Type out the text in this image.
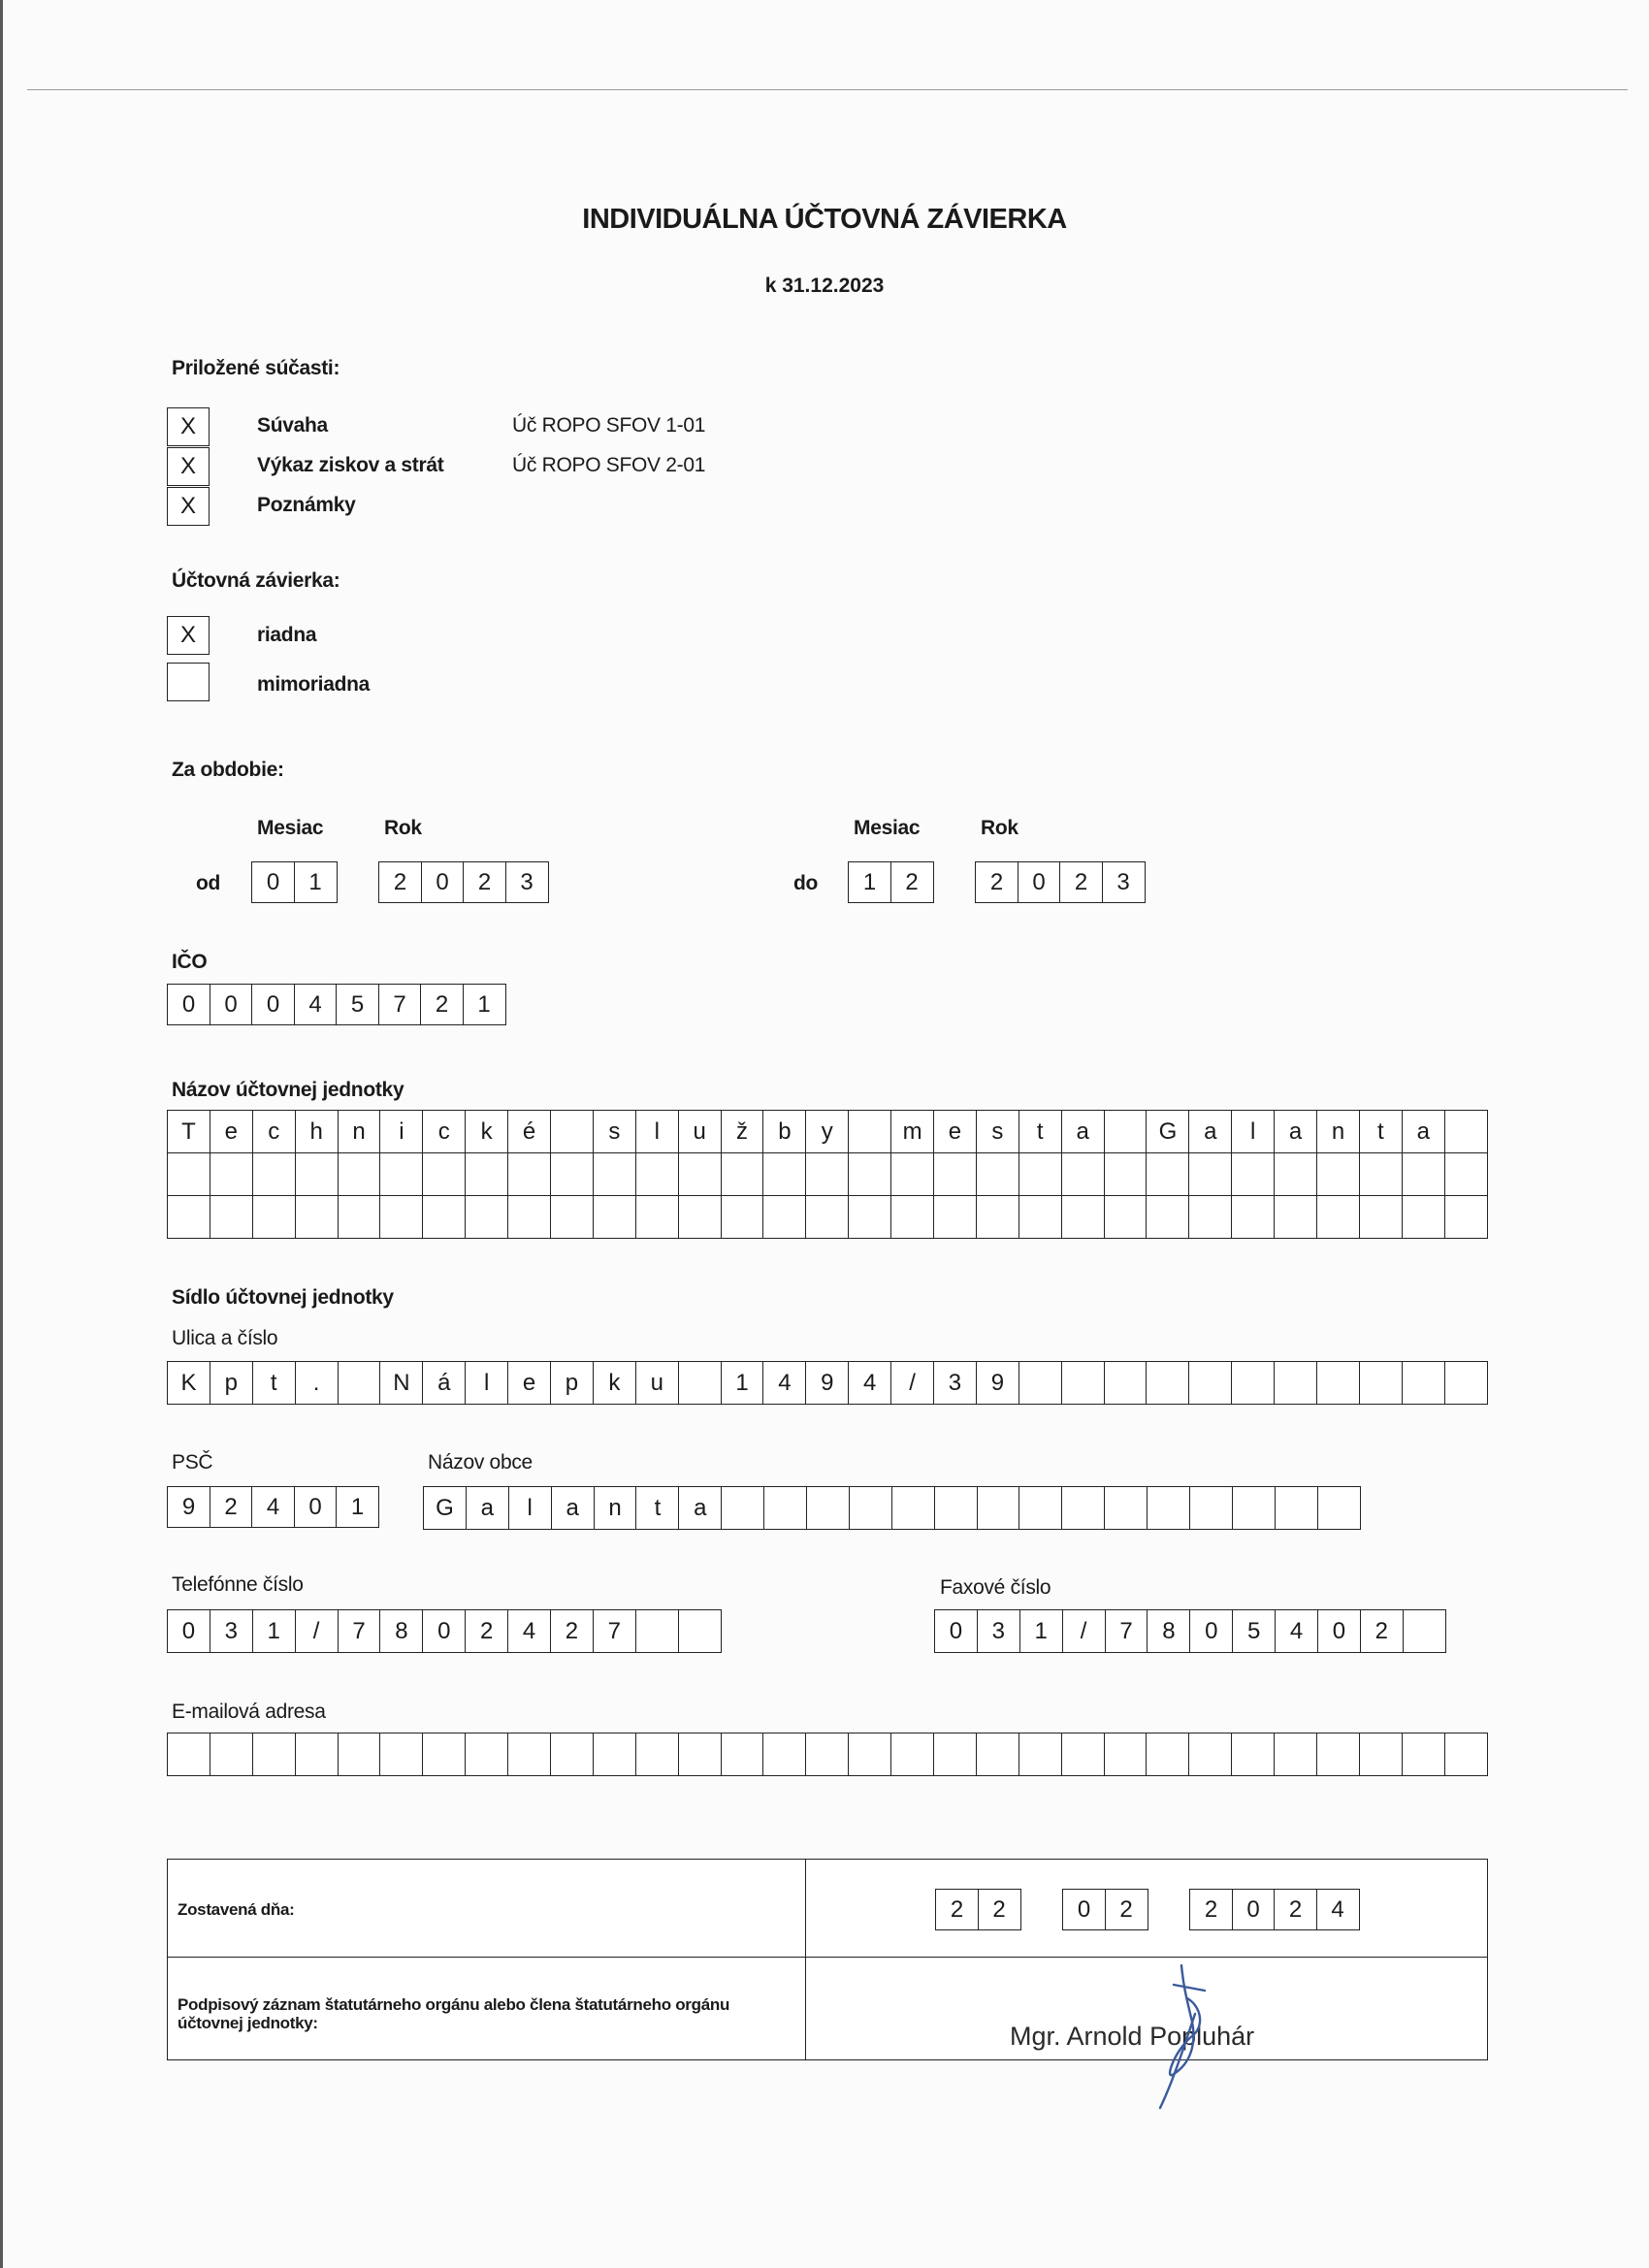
INDIVIDUÁLNA ÚČTOVNÁ ZÁVIERKA
k 31.12.2023
Priložené súčasti:
X	Súvaha	Úč ROPO SFOV 1-01
X	Výkaz ziskov a strát	Úč ROPO SFOV 2-01
X	Poznámky
Účtovná závierka:
X	riadna
mimoriadna
Za obdobie:
Mesiac	Rok	Mesiac	Rok
od	0	1	2	0	2	3	do	1	2	2	0	2	3
IČO
0	0	0	4	5	7	2	1
Názov účtovnej jednotky
T	e	c	h	n	i	c	k	é	s	l	u	ž	b	y	m	e	s	t	a	G	a	l	a	n	t	a
Sídlo účtovnej jednotky
Ulica a číslo
K	p	t	.	N	á	l	e	p	k	u	1	4	9	4	/	3	9
PSČ
9	2	4	0	1
Názov obce
G	a	l	a	n	t	a
Telefónne číslo
0	3	1	/	7	8	0	2	4	2	7
Faxové číslo
0	3	1	/	7	8	0	5	4	0	2
E-mailová adresa
Zostavená dňa:	2	2	0	2	2	0	2	4
Podpisový záznam štatutárneho orgánu alebo člena štatutárneho orgánu účtovnej jednotky:	Mgr. Arnold Popluhár
